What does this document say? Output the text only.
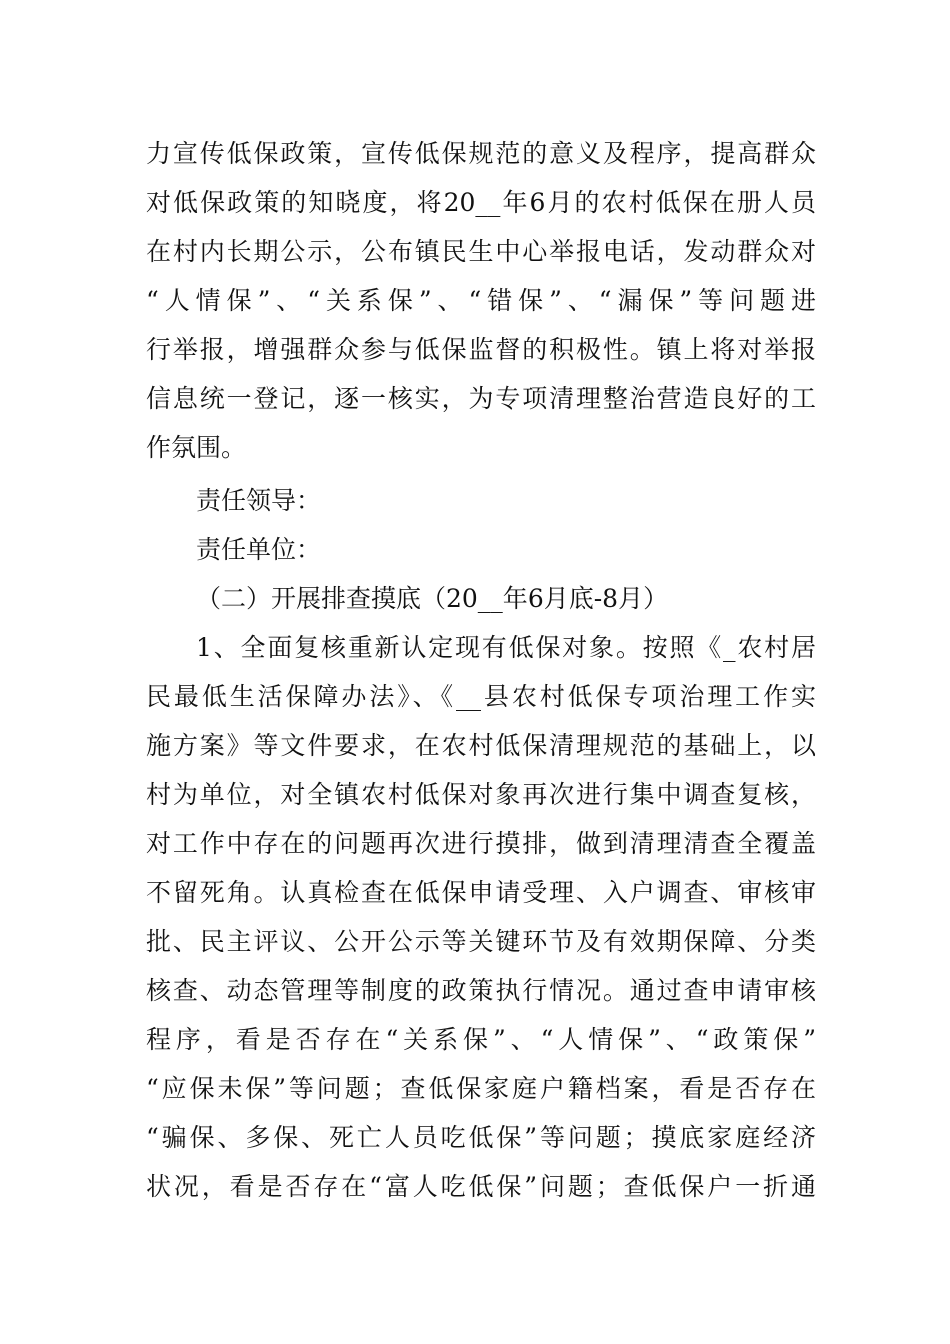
力宣传低保政策，宣传低保规范的意义及程序，提高群众
对低保政策的知晓度，将20__年6月的农村低保在册人员
在村内长期公示，公布镇民生中心举报电话，发动群众对
“人情保”、“关系保”、“错保”、“漏保”等问题进
行举报，增强群众参与低保监督的积极性。镇上将对举报
信息统一登记，逐一核实，为专项清理整治营造良好的工
作氛围。
责任领导：
责任单位：
（二）开展排查摸底（20__年6月底-8月）
1、全面复核重新认定现有低保对象。按照《_农村居
民最低生活保障办法》、《__县农村低保专项治理工作实
施方案》等文件要求，在农村低保清理规范的基础上，以
村为单位，对全镇农村低保对象再次进行集中调查复核，
对工作中存在的问题再次进行摸排，做到清理清查全覆盖
不留死角。认真检查在低保申请受理、入户调查、审核审
批、民主评议、公开公示等关键环节及有效期保障、分类
核查、动态管理等制度的政策执行情况。通过查申请审核
程序，看是否存在“关系保”、“人情保”、“政策保”
“应保未保”等问题；查低保家庭户籍档案，看是否存在
“骗保、多保、死亡人员吃低保”等问题；摸底家庭经济
状况，看是否存在“富人吃低保”问题；查低保户一折通
